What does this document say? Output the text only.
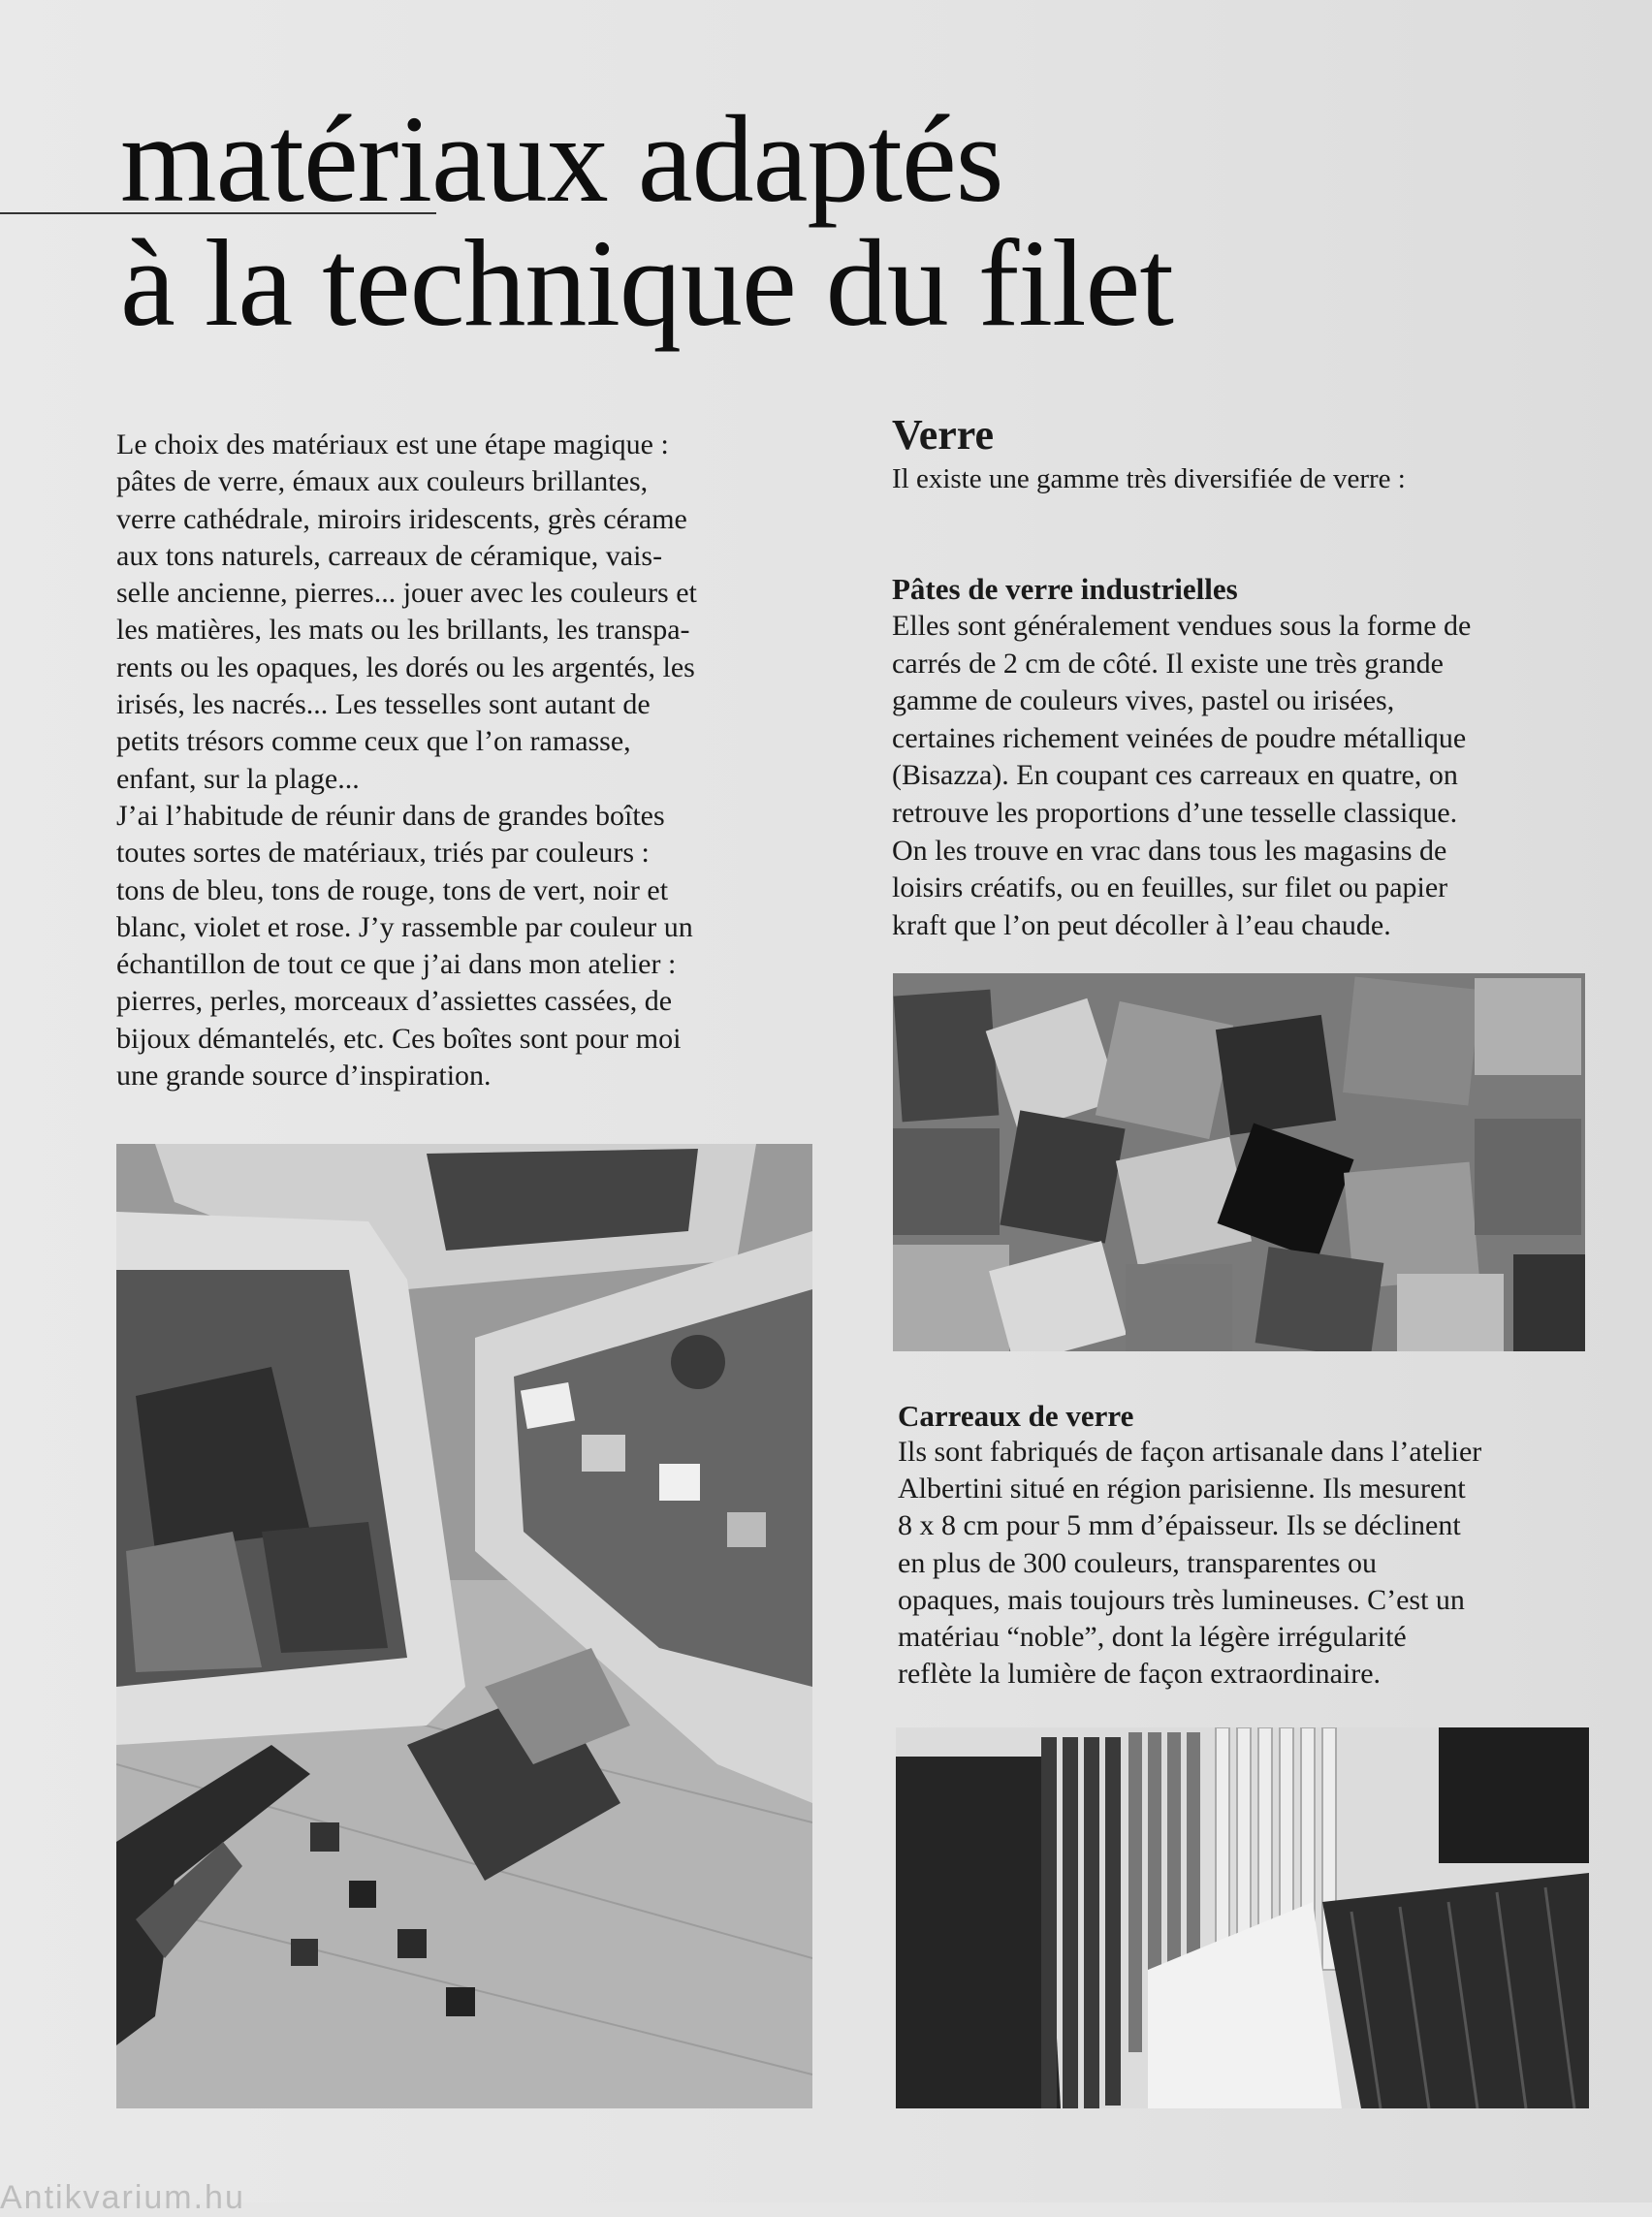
matériaux adaptés
à la technique du filet

Le choix des matériaux est une étape magique :
pâtes de verre, émaux aux couleurs brillantes,
verre cathédrale, miroirs iridescents, grès cérame
aux tons naturels, carreaux de céramique, vais-
selle ancienne, pierres... jouer avec les couleurs et
les matières, les mats ou les brillants, les transpa-
rents ou les opaques, les dorés ou les argentés, les
irisés, les nacrés... Les tesselles sont autant de
petits trésors comme ceux que l’on ramasse,
enfant, sur la plage...

J’ai l’habitude de réunir dans de grandes boîtes
toutes sortes de matériaux, triés par couleurs :
tons de bleu, tons de rouge, tons de vert, noir et
blanc, violet et rose. J’y rassemble par couleur un
échantillon de tout ce que j’ai dans mon atelier :
pierres, perles, morceaux d’assiettes cassées, de
bijoux démantelés, etc. Ces boîtes sont pour moi
une grande source d’inspiration.

Verre
Il existe une gamme très diversifiée de verre :
Pâtes de verre industrielles
Elles sont généralement vendues sous la forme de
carrés de 2 cm de côté. Il existe une très grande
gamme de couleurs vives, pastel ou irisées,
certaines richement veinées de poudre métallique
(Bisazza). En coupant ces carreaux en quatre, on
retrouve les proportions d’une tesselle classique.
On les trouve en vrac dans tous les magasins de
loisirs créatifs, ou en feuilles, sur filet ou papier
kraft que l’on peut décoller à l’eau chaude.
Carreaux de verre
Ils sont fabriqués de façon artisanale dans l’atelier
Albertini situé en région parisienne. Ils mesurent
8 x 8 cm pour 5 mm d’épaisseur. Ils se déclinent
en plus de 300 couleurs, transparentes ou
opaques, mais toujours très lumineuses. C’est un
matériau “noble”, dont la légère irrégularité
reflète la lumière de façon extraordinaire.
Antikvarium.hu
